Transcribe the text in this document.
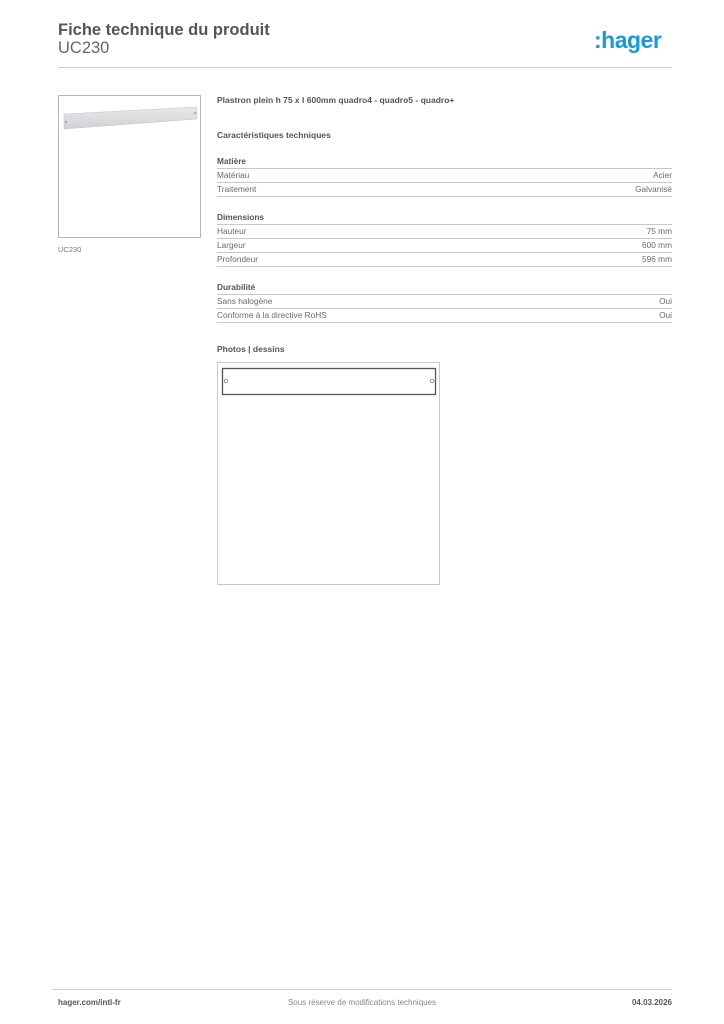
Fiche technique du produit
UC230	:hager
UC230
Plastron plein h 75 x l 600mm quadro4 - quadro5 - quadro+
Caractéristiques techniques
Matière
Matériau	Acier
Traitement	Galvanisé
Dimensions
Hauteur	75 mm
Largeur	600 mm
Profondeur	596 mm
Durabilité
Sans halogène	Oui
Conforme à la directive RoHS	Oui
Photos | dessins
hager.com/intl-fr	Sous réserve de modifications techniques	04.03.2026
